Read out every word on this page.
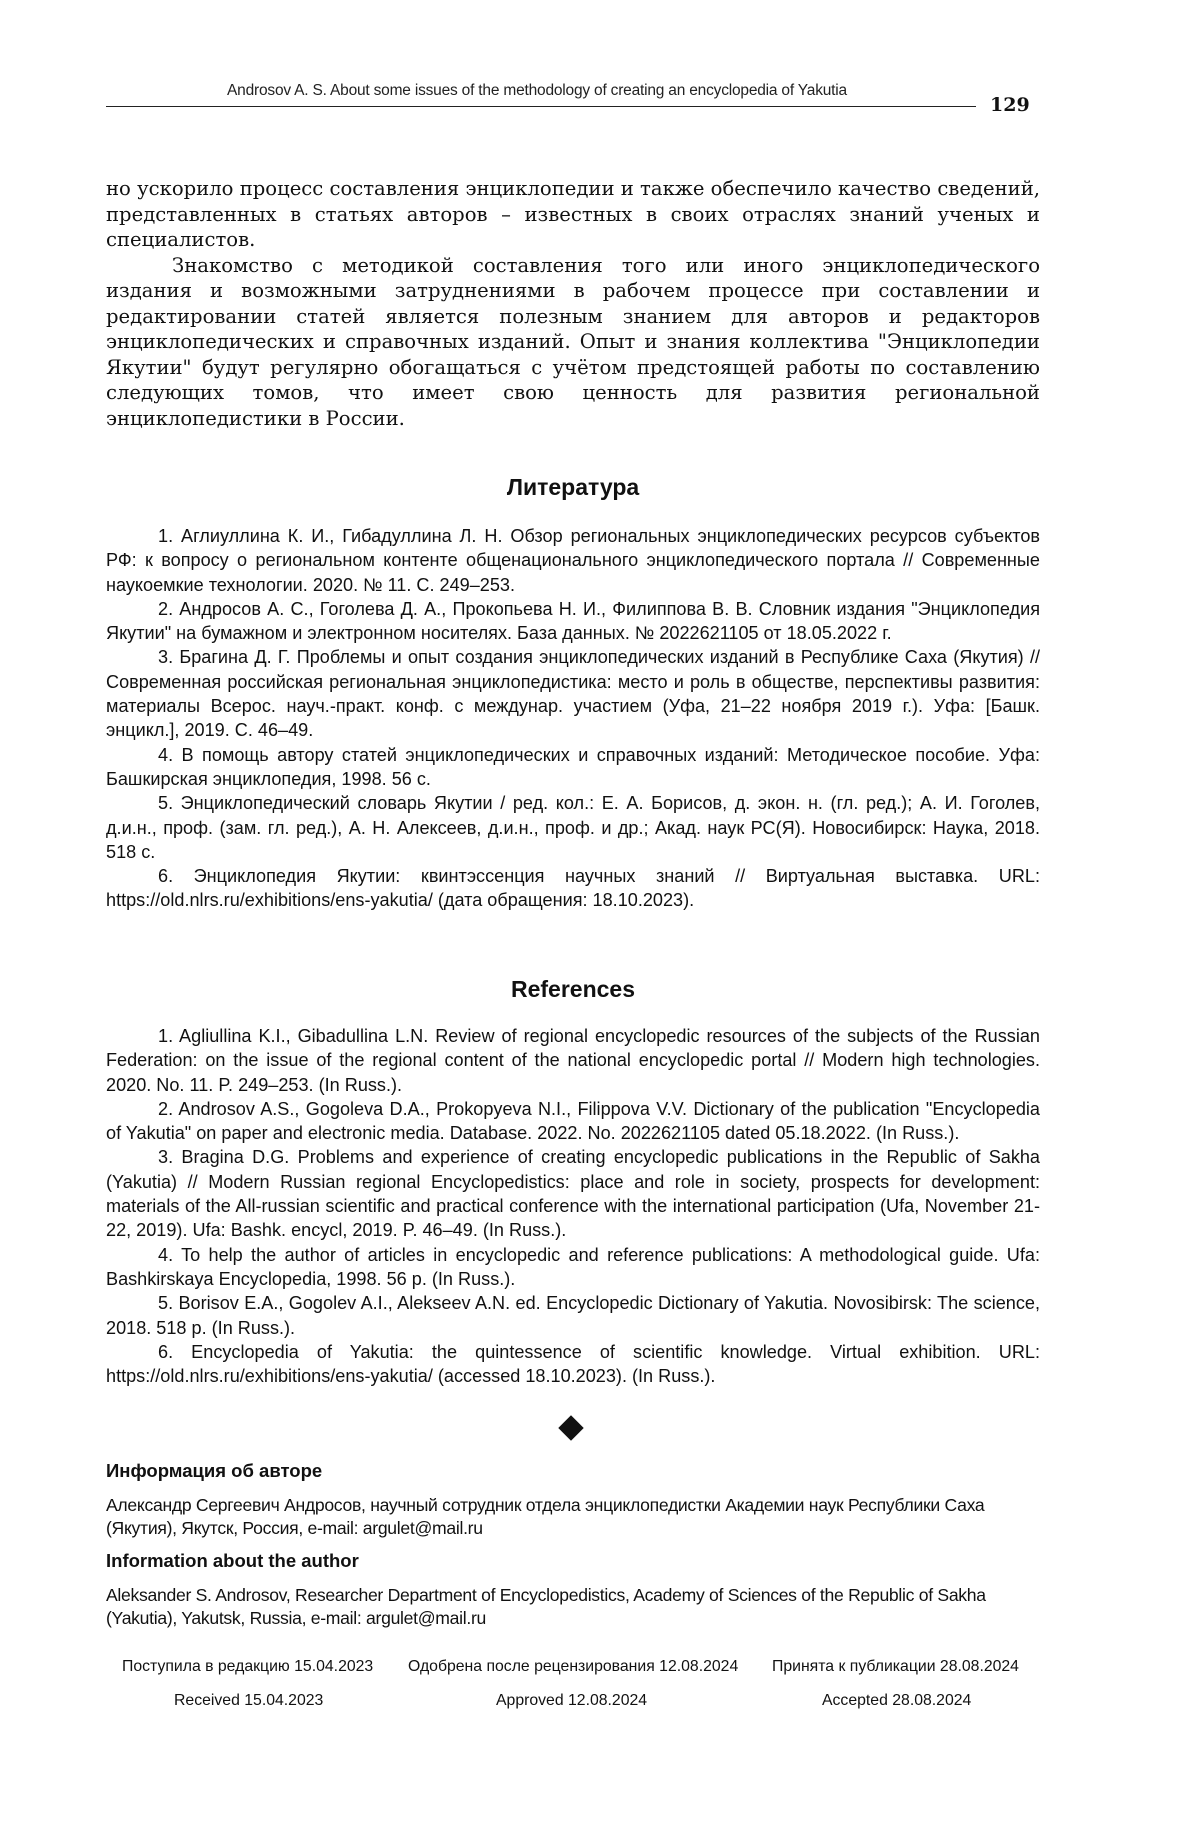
Androsov A. S. About some issues of the methodology of creating an encyclopedia of Yakutia
129

но ускорило процесс составления энциклопедии и также обеспечило качество сведений, представленных в статьях авторов – известных в своих отраслях знаний ученых и специалистов.

Знакомство с методикой составления того или иного энциклопедического издания и возможными затруднениями в рабочем процессе при составлении и редактировании статей является полезным знанием для авторов и редакторов энциклопедических и справочных изданий. Опыт и знания коллектива "Энциклопедии Якутии" будут регулярно обогащаться с учётом предстоящей работы по составлению следующих томов, что имеет свою ценность для развития региональной энциклопедистики в России.

Литература

1. Аглиуллина К. И., Гибадуллина Л. Н. Обзор региональных энциклопедических ресурсов субъектов РФ: к вопросу о региональном контенте общенационального энциклопедического портала // Современные наукоемкие технологии. 2020. № 11. С. 249–253.

2. Андросов А. С., Гоголева Д. А., Прокопьева Н. И., Филиппова В. В. Словник издания "Энциклопедия Якутии" на бумажном и электронном носителях. База данных. № 2022621105 от 18.05.2022 г.

3. Брагина Д. Г. Проблемы и опыт создания энциклопедических изданий в Республике Саха (Якутия) // Современная российская региональная энциклопедистика: место и роль в обществе, перспективы развития: материалы Всерос. науч.-практ. конф. с междунар. участием (Уфа, 21–22 ноября 2019 г.). Уфа: [Башк. энцикл.], 2019. С. 46–49.

4. В помощь автору статей энциклопедических и справочных изданий: Методическое пособие. Уфа: Башкирская энциклопедия, 1998. 56 с.

5. Энциклопедический словарь Якутии / ред. кол.: Е. А. Борисов, д. экон. н. (гл. ред.); А. И. Гоголев, д.и.н., проф. (зам. гл. ред.), А. Н. Алексеев, д.и.н., проф. и др.; Акад. наук РС(Я). Новосибирск: Наука, 2018. 518 с.

6. Энциклопедия Якутии: квинтэссенция научных знаний // Виртуальная выставка. URL: https://old.nlrs.ru/exhibitions/ens-yakutia/ (дата обращения: 18.10.2023).

References

1. Agliullina K.I., Gibadullina L.N. Review of regional encyclopedic resources of the subjects of the Russian Federation: on the issue of the regional content of the national encyclopedic portal // Modern high technologies. 2020. No. 11. P. 249–253. (In Russ.).

2. Androsov A.S., Gogoleva D.A., Prokopyeva N.I., Filippova V.V. Dictionary of the publication "Encyclopedia of Yakutia" on paper and electronic media. Database. 2022. No. 2022621105 dated 05.18.2022. (In Russ.).

3. Bragina D.G. Problems and experience of creating encyclopedic publications in the Republic of Sakha (Yakutia) // Modern Russian regional Encyclopedistics: place and role in society, prospects for development: materials of the All-russian scientific and practical conference with the international participation (Ufa, November 21-22, 2019). Ufa: Bashk. encycl, 2019. P. 46–49. (In Russ.).

4. To help the author of articles in encyclopedic and reference publications: A methodological guide. Ufa: Bashkirskaya Encyclopedia, 1998. 56 p. (In Russ.).

5. Borisov E.A., Gogolev A.I., Alekseev A.N. ed. Encyclopedic Dictionary of Yakutia. Novosibirsk: The science, 2018. 518 p. (In Russ.).

6. Encyclopedia of Yakutia: the quintessence of scientific knowledge. Virtual exhibition. URL: https://old.nlrs.ru/exhibitions/ens-yakutia/ (accessed 18.10.2023). (In Russ.).

Информация об авторе
Александр Сергеевич Андросов, научный сотрудник отдела энциклопедистки Академии наук Республики Саха (Якутия), Якутск, Россия, e-mail: argulet@mail.ru
Information about the author
Aleksander S. Androsov, Researcher Department of Encyclopedistics, Academy of Sciences of the Republic of Sakha (Yakutia), Yakutsk, Russia, e-mail: argulet@mail.ru
Поступила в редакцию 15.04.2023 Одобрена после рецензирования 12.08.2024 Принята к публикации 28.08.2024
Received 15.04.2023	Approved 12.08.2024	Accepted 28.08.2024
